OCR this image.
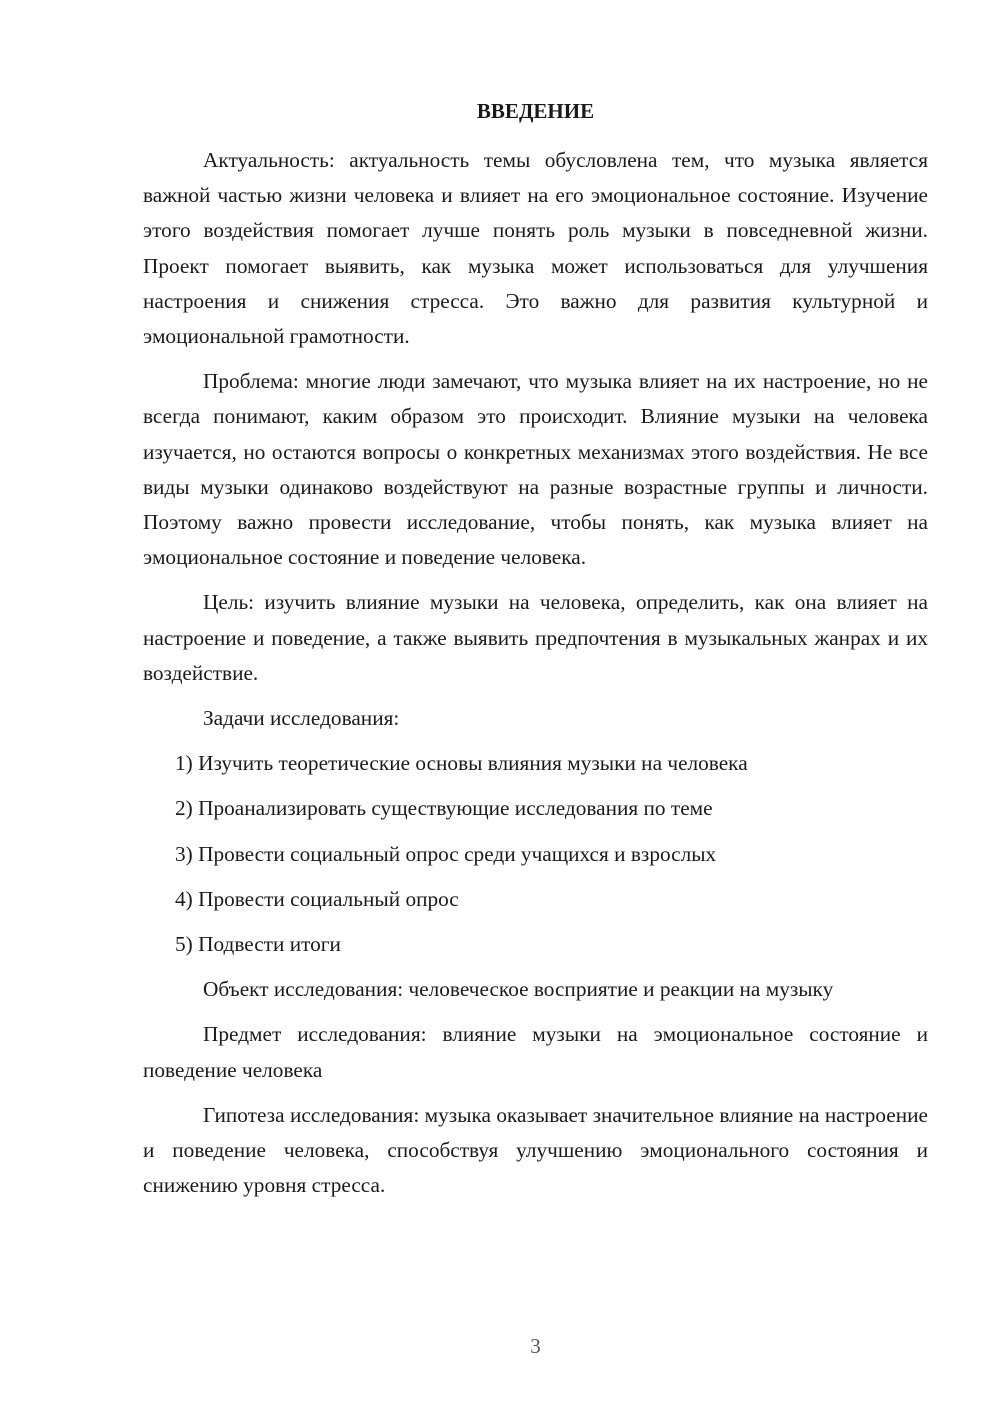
ВВЕДЕНИЕ

Актуальность: актуальность темы обусловлена тем, что музыка является важной частью жизни человека и влияет на его эмоциональное состояние. Изучение этого воздействия помогает лучше понять роль музыки в повседневной жизни. Проект помогает выявить, как музыка может использоваться для улучшения настроения и снижения стресса. Это важно для развития культурной и эмоциональной грамотности.

Проблема: многие люди замечают, что музыка влияет на их настроение, но не всегда понимают, каким образом это происходит. Влияние музыки на человека изучается, но остаются вопросы о конкретных механизмах этого воздействия. Не все виды музыки одинаково воздействуют на разные возрастные группы и личности. Поэтому важно провести исследование, чтобы понять, как музыка влияет на эмоциональное состояние и поведение человека.

Цель: изучить влияние музыки на человека, определить, как она влияет на настроение и поведение, а также выявить предпочтения в музыкальных жанрах и их воздействие.

Задачи исследования:

1) Изучить теоретические основы влияния музыки на человека
2) Проанализировать существующие исследования по теме
3) Провести социальный опрос среди учащихся и взрослых
4) Провести социальный опрос
5) Подвести итоги

Объект исследования: человеческое восприятие и реакции на музыку

Предмет исследования: влияние музыки на эмоциональное состояние и поведение человека

Гипотеза исследования: музыка оказывает значительное влияние на настроение и поведение человека, способствуя улучшению эмоционального состояния и снижению уровня стресса.

3
